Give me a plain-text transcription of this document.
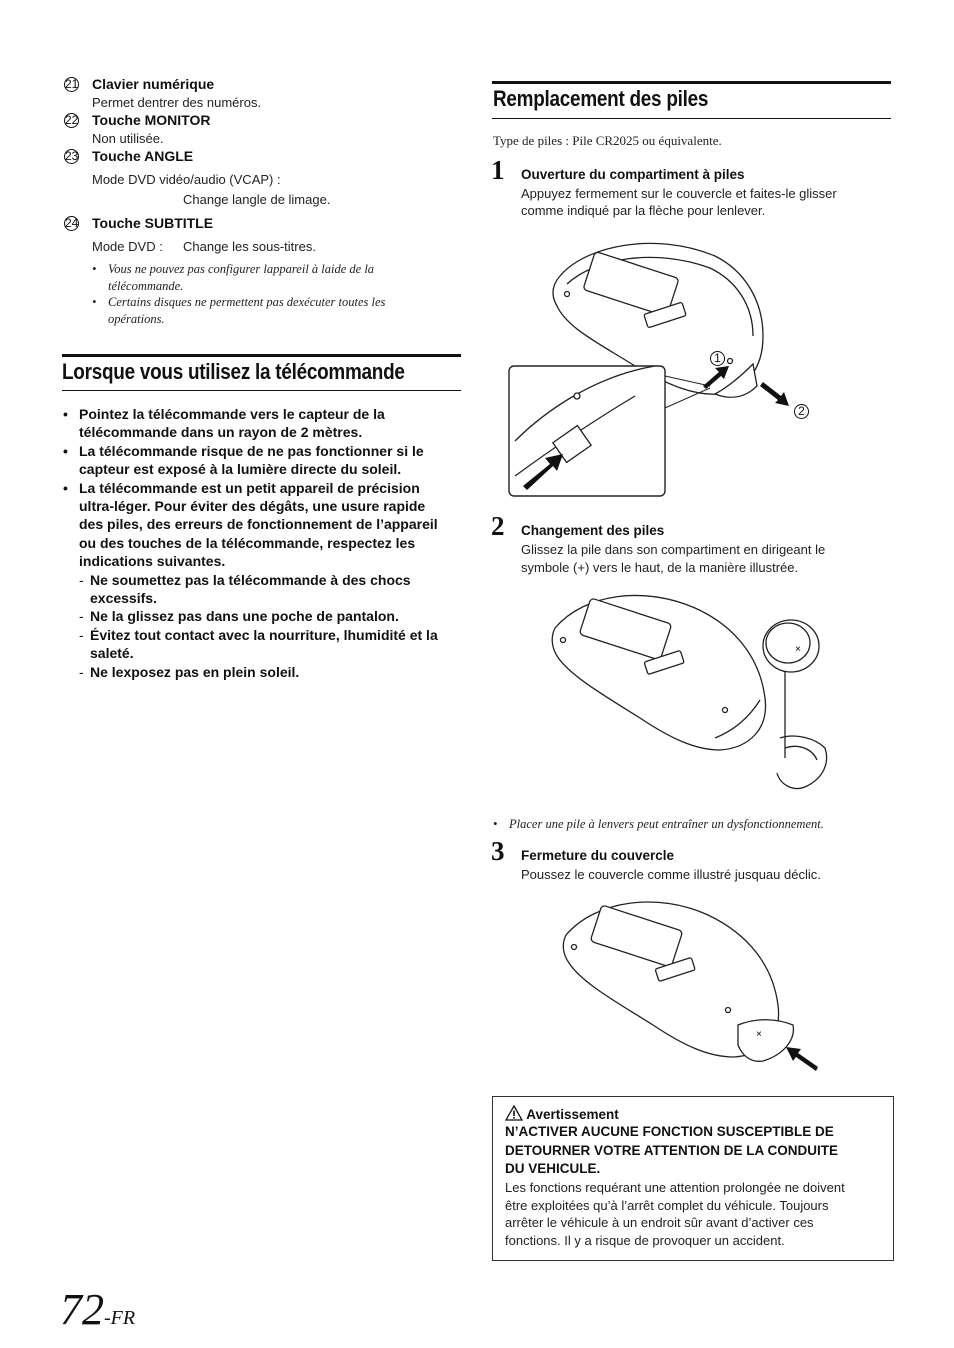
21 Clavier numérique
Permet dentrer des numéros.
22 Touche MONITOR
Non utilisée.
23 Touche ANGLE
Mode DVD vidéo/audio (VCAP) :
Change langle de limage.
24 Touche SUBTITLE
Mode DVD : Change les sous-titres.
• Vous ne pouvez pas configurer lappareil à laide de la
télécommande.
• Certains disques ne permettent pas dexécuter toutes les
opérations.
Lorsque vous utilisez la télécommande
• Pointez la télécommande vers le capteur de la
télécommande dans un rayon de 2 mètres.
• La télécommande risque de ne pas fonctionner si le
capteur est exposé à la lumière directe du soleil.
• La télécommande est un petit appareil de précision
ultra-léger. Pour éviter des dégâts, une usure rapide
des piles, des erreurs de fonctionnement de l’appareil
ou des touches de la télécommande, respectez les
indications suivantes.
- Ne soumettez pas la télécommande à des chocs
excessifs.
- Ne la glissez pas dans une poche de pantalon.
- Évitez tout contact avec la nourriture, lhumidité et la
saleté.
- Ne lexposez pas en plein soleil.
Remplacement des piles
Type de piles : Pile CR2025 ou équivalente.
1 Ouverture du compartiment à piles
Appuyez fermement sur le couvercle et faites-le glisser
comme indiqué par la flèche pour lenlever.
1
2
2 Changement des piles
Glissez la pile dans son compartiment en dirigeant le
symbole (+) vers le haut, de la manière illustrée.
×
• Placer une pile à lenvers peut entraîner un dysfonctionnement.
3 Fermeture du couvercle
Poussez le couvercle comme illustré jusquau déclic.
×
Avertissement
N’ACTIVER AUCUNE FONCTION SUSCEPTIBLE DE
DETOURNER VOTRE ATTENTION DE LA CONDUITE
DU VEHICULE.
Les fonctions requérant une attention prolongée ne doivent
être exploitées qu’à l’arrêt complet du véhicule. Toujours
arrêter le véhicule à un endroit sûr avant d’activer ces
fonctions. Il y a risque de provoquer un accident.
72-FR
